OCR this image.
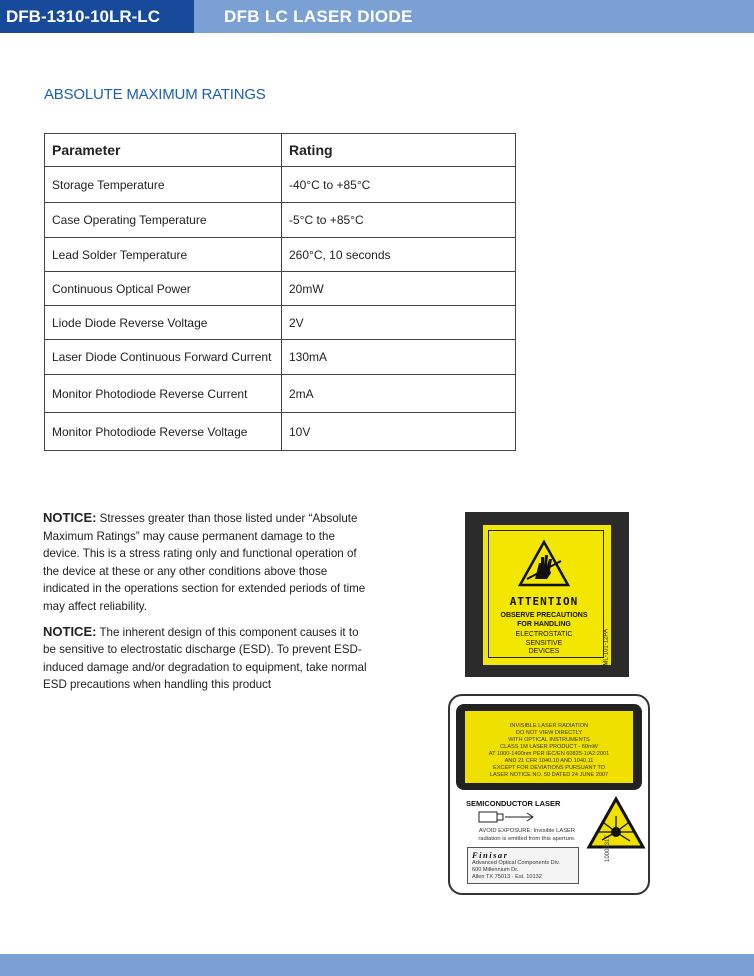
DFB-1310-10LR-LC	DFB LC LASER DIODE
ABSOLUTE MAXIMUM RATINGS
Parameter	Rating
Storage Temperature	-40°C to +85°C
Case Operating Temperature	-5°C to +85°C
Lead Solder Temperature	260°C, 10 seconds
Continuous Optical Power	20mW
Liode Diode Reverse Voltage	2V
Laser Diode Continuous Forward Current	130mA
Monitor Photodiode Reverse Current	2mA
Monitor Photodiode Reverse Voltage	10V

NOTICE: Stresses greater than those listed under “Absolute Maximum Ratings” may cause permanent damage to the device. This is a stress rating only and functional operation of the device at these or any other conditions above those indicated in the operations section for extended periods of time may affect reliability.

NOTICE: The inherent design of this component causes it to be sensitive to electrostatic discharge (ESD). To prevent ESD-induced damage and/or degradation to equipment, take normal ESD precautions when handling this product

ATTENTION
OBSERVE PRECAUTIONS
FOR HANDLING
ELECTROSTATIC
SENSITIVE
DEVICES	ML-101-12PA
INVISIBLE LASER RADIATION
DO NOT VIEW DIRECTLY
WITH OPTICAL INSTRUMENTS
CLASS 1M LASER PRODUCT - 60mW
AT 1000-1400nm PER IEC/EN 60825-1/A2:2001
AND 21 CFR 1040.10 AND 1040.11
EXCEPT FOR DEVIATIONS PURSUANT TO
LASER NOTICE NO. 50 DATED 24 JUNE 2007
SEMICONDUCTOR LASER
AVOID EXPOSURE: Invisible LASER
radiation is emitted from this aperture.
Finisar
Advanced Optical Components Div.
600 Millennium Dr.
Allen TX 75013 · Est. 10132
10005317
